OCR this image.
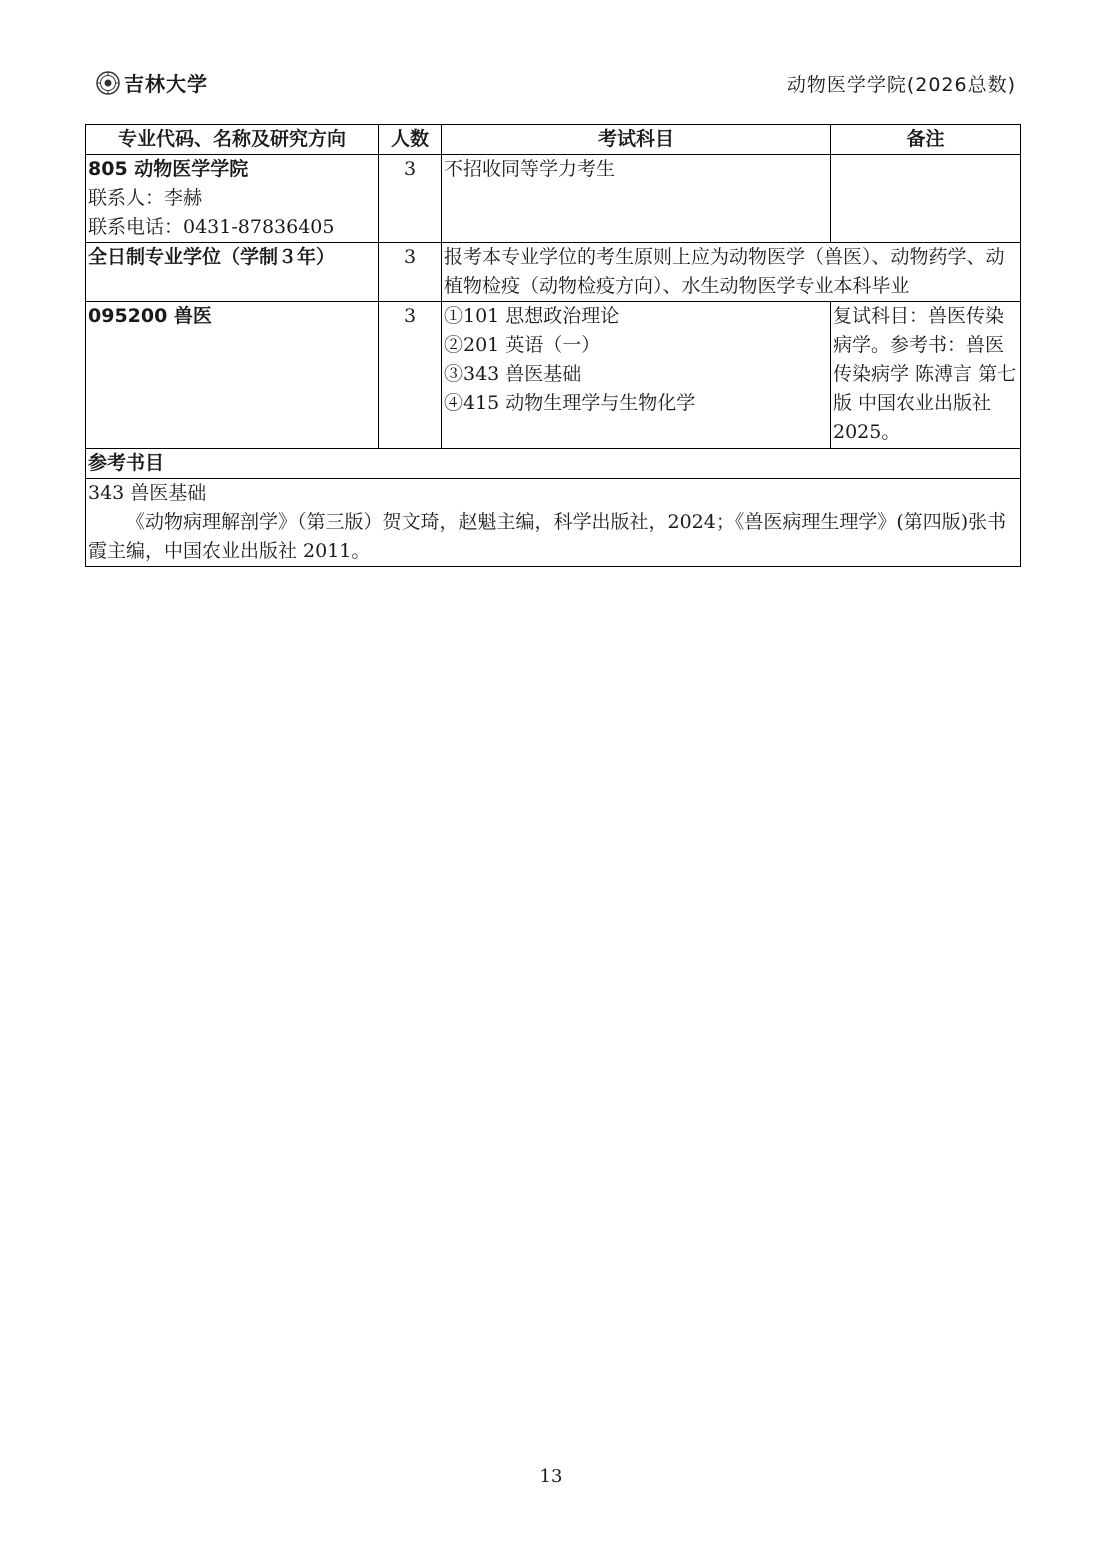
吉林大学	动物医学学院(2026总数)
专业代码、名称及研究方向	人数	考试科目	备注

805 动物医学学院
联系人：李赫
联系电话：0431-87836405	3	不招收同等学力考生	

全日制专业学位（学制３年）	3	报考本专业学位的考生原则上应为动物医学（兽医）、动物药学、动植物检疫（动物检疫方向）、水生动物医学专业本科毕业	

095200 兽医	3	①101 思想政治理论
②201 英语（一）
③343 兽医基础
④415 动物生理学与生物化学	复试科目：兽医传染病学。参考书：兽医传染病学 陈溥言 第七版 中国农业出版社 2025。
参考书目			

343 兽医基础
《动物病理解剖学》（第三版）贺文琦，赵魁主编，科学出版社，2024；《兽医病理生理学》(第四版)张书霞主编，中国农业出版社 2011。			
13
